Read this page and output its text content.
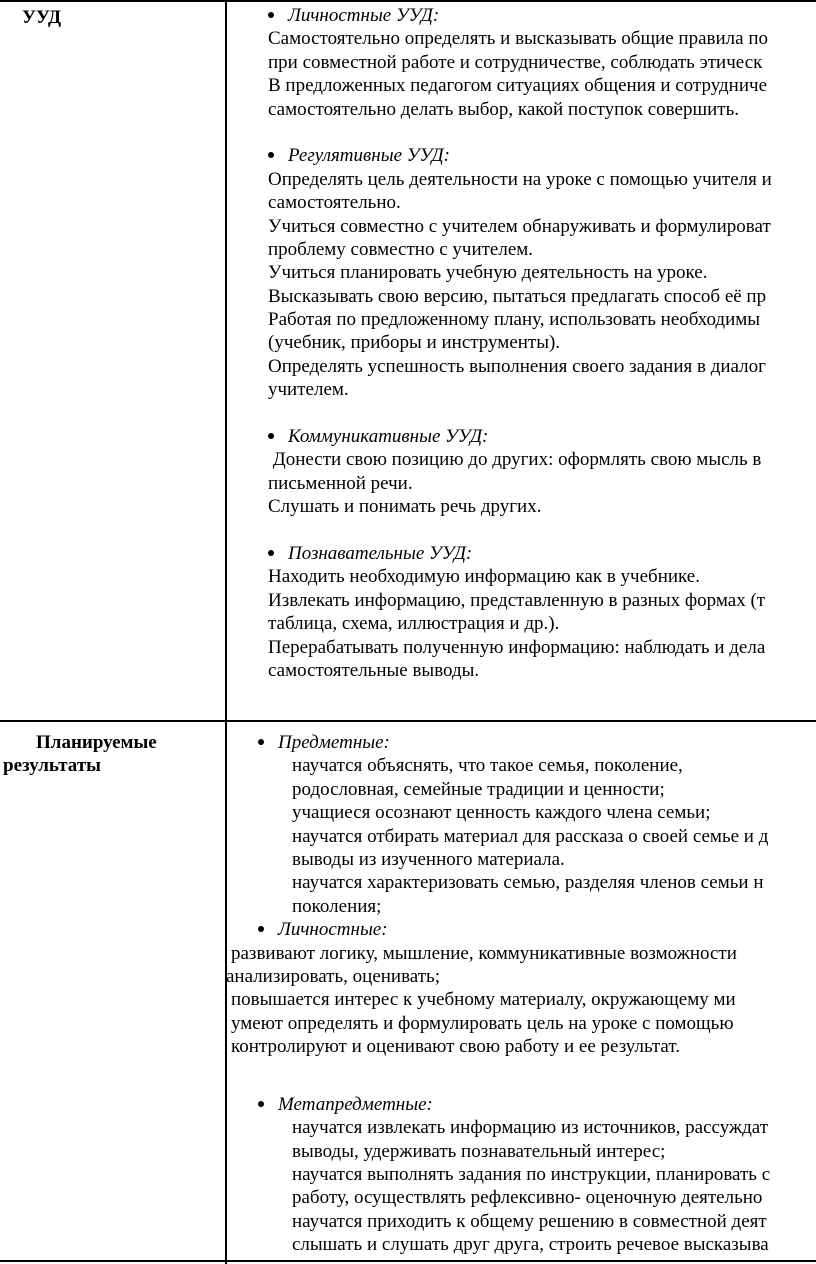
УУД	Личностные УУД:
Самостоятельно определять и высказывать общие правила по
при совместной работе и сотрудничестве, соблюдать этическ
В предложенных педагогом ситуациях общения и сотрудниче
самостоятельно делать выбор, какой поступок совершить.
Регулятивные УУД:
Определять цель деятельности на уроке с помощью учителя и
самостоятельно.
Учиться совместно с учителем обнаруживать и формулироват
проблему совместно с учителем.
Учиться планировать учебную деятельность на уроке.
Высказывать свою версию, пытаться предлагать способ её пр
Работая по предложенному плану, использовать необходимы
(учебник, приборы и инструменты).
Определять успешность выполнения своего задания в диалог
учителем.
Коммуникативные УУД:
Донести свою позицию до других: оформлять свою мысль в
письменной речи.
Слушать и понимать речь других.
Познавательные УУД:
Находить необходимую информацию как в учебнике.
Извлекать информацию, представленную в разных формах (т
таблица, схема, иллюстрация и др.).
Перерабатывать полученную информацию: наблюдать и дела
самостоятельные выводы.
Планируемые
результаты
Предметные:
научатся объяснять, что такое семья, поколение,
родословная, семейные традиции и ценности;
учащиеся осознают ценность каждого члена семьи;
научатся отбирать материал для рассказа о своей семье и д
выводы из изученного материала.
научатся характеризовать семью, разделяя членов семьи н
поколения;
Личностные:
развивают логику, мышление, коммуникативные возможности
анализировать, оценивать;
повышается интерес к учебному материалу, окружающему ми
умеют определять и формулировать цель на уроке с помощью
контролируют и оценивают свою работу и ее результат.
Метапредметные:
научатся извлекать информацию из источников, рассуждат
выводы, удерживать познавательный интерес;
научатся выполнять задания по инструкции, планировать с
работу, осуществлять рефлексивно- оценочную деятельно
научатся приходить к общему решению в совместной деят
слышать и слушать друг друга, строить речевое высказыва
